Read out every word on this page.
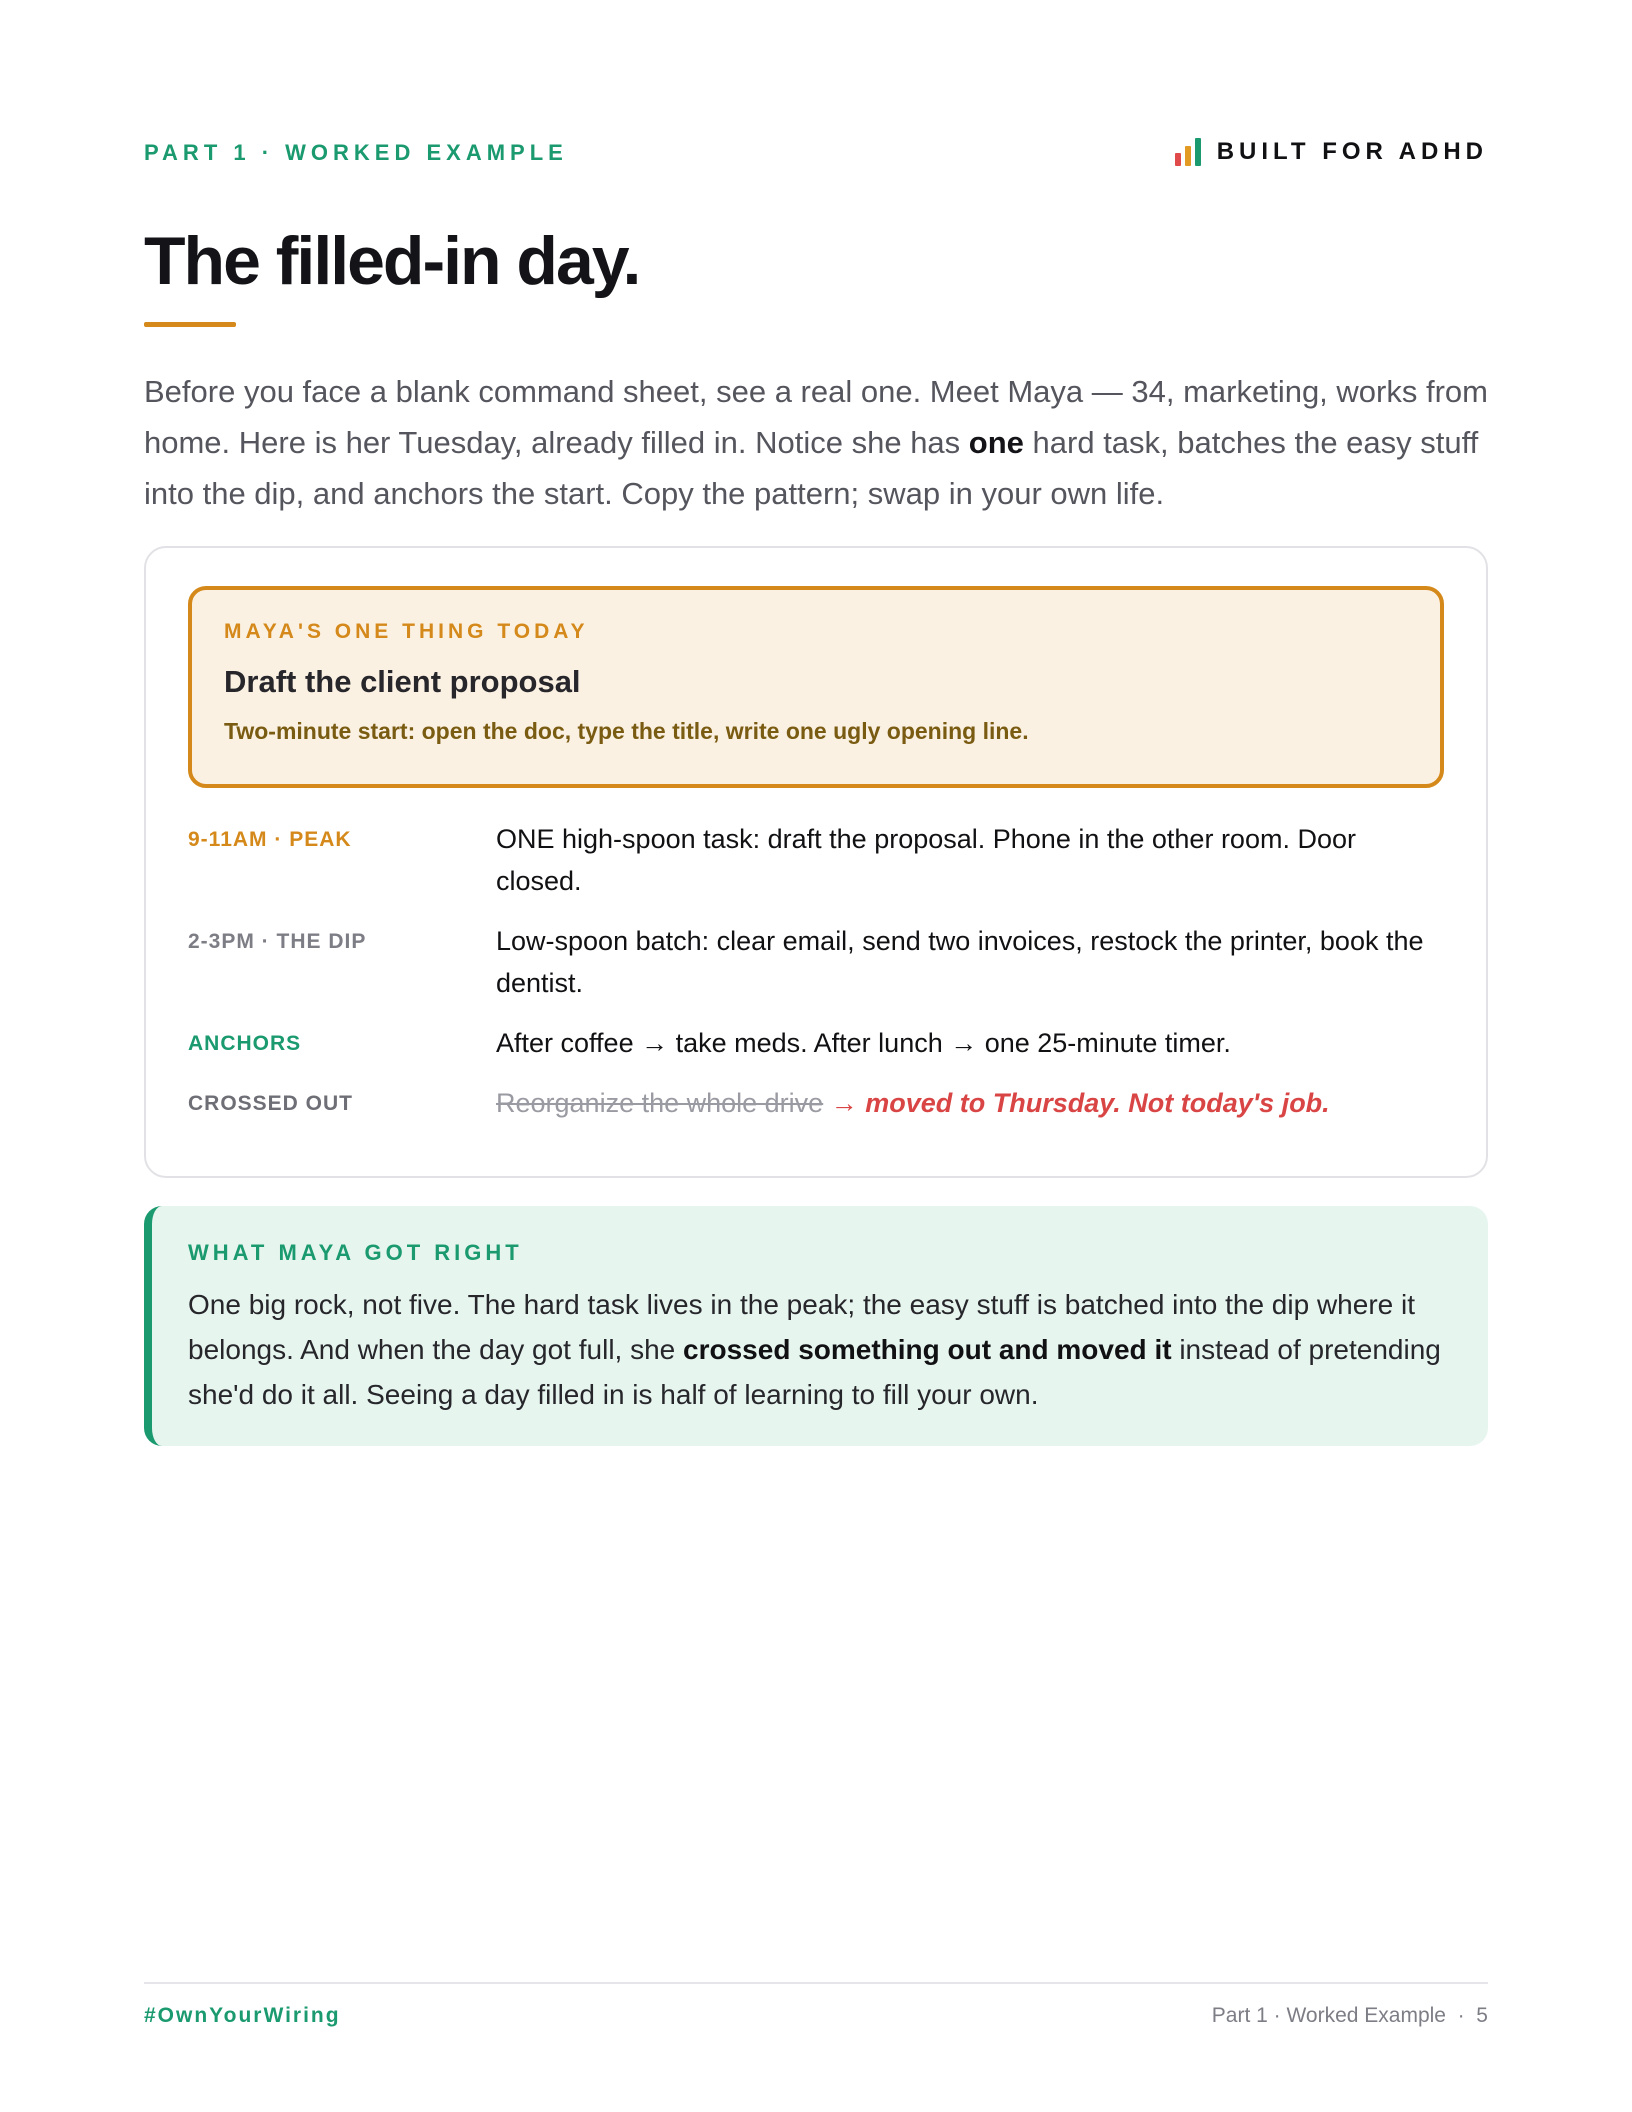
PART 1 · WORKED EXAMPLE	BUILT FOR ADHD
The filled-in day.

Before you face a blank command sheet, see a real one. Meet Maya — 34, marketing, works from home. Here is her Tuesday, already filled in. Notice she has one hard task, batches the easy stuff into the dip, and anchors the start. Copy the pattern; swap in your own life.

MAYA'S ONE THING TODAY
Draft the client proposal
Two-minute start: open the doc, type the title, write one ugly opening line.
9-11AM · PEAK	ONE high-spoon task: draft the proposal. Phone in the other room. Door closed.
2-3PM · THE DIP	Low-spoon batch: clear email, send two invoices, restock the printer, book the dentist.
ANCHORS	After coffee → take meds. After lunch → one 25-minute timer.
CROSSED OUT	Reorganize the whole drive → moved to Thursday. Not today's job.
WHAT MAYA GOT RIGHT

One big rock, not five. The hard task lives in the peak; the easy stuff is batched into the dip where it belongs. And when the day got full, she crossed something out and moved it instead of pretending she'd do it all. Seeing a day filled in is half of learning to fill your own.

#OwnYourWiring	Part 1 · Worked Example  ·  5
